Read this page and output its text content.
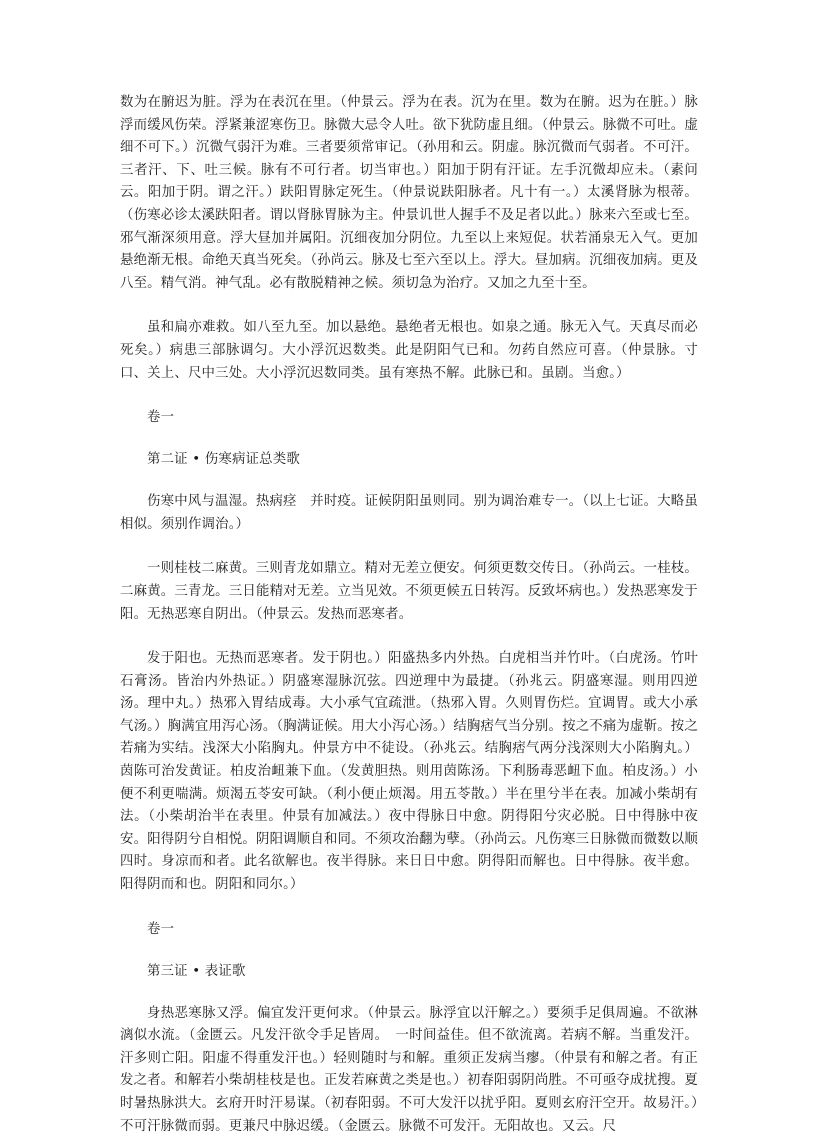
数为在腑迟为脏。浮为在表沉在里。（仲景云。浮为在表。沉为在里。数为在腑。迟为在脏。）脉浮而缓风伤荣。浮紧兼涩寒伤卫。脉微大忌令人吐。欲下犹防虚且细。（仲景云。脉微不可吐。虚细不可下。）沉微气弱汗为难。三者要须常审记。（孙用和云。阴虚。脉沉微而气弱者。不可汗。三者汗、下、吐三候。脉有不可行者。切当审也。）阳加于阴有汗证。左手沉微却应未。（素问云。阳加于阴。谓之汗。）趺阳胃脉定死生。（仲景说趺阳脉者。凡十有一。）太溪肾脉为根蒂。（伤寒必诊太溪趺阳者。谓以肾脉胃脉为主。仲景讥世人握手不及足者以此。）脉来六至或七至。邪气渐深须用意。浮大昼加并属阳。沉细夜加分阴位。九至以上来短促。状若涌泉无入气。更加悬绝渐无根。命绝天真当死矣。（孙尚云。脉及七至六至以上。浮大。昼加病。沉细夜加病。更及八至。精气消。神气乱。必有散脱精神之候。须切急为治疗。又加之九至十至。

虽和扁亦难救。如八至九至。加以悬绝。悬绝者无根也。如泉之通。脉无入气。天真尽而必死矣。）病患三部脉调匀。大小浮沉迟数类。此是阴阳气已和。勿药自然应可喜。（仲景脉。寸口、关上、尺中三处。大小浮沉迟数同类。虽有寒热不解。此脉已和。虽剧。当愈。）

卷一

第二证 • 伤寒病证总类歌

伤寒中风与温湿。热病痉　并时疫。证候阴阳虽则同。别为调治难专一。（以上七证。大略虽相似。须别作调治。）

一则桂枝二麻黄。三则青龙如鼎立。精对无差立便安。何须更数交传日。（孙尚云。一桂枝。二麻黄。三青龙。三日能精对无差。立当见效。不须更候五日转泻。反致坏病也。）发热恶寒发于阳。无热恶寒自阴出。（仲景云。发热而恶寒者。

发于阳也。无热而恶寒者。发于阴也。）阳盛热多内外热。白虎相当并竹叶。（白虎汤。竹叶石膏汤。皆治内外热证。）阴盛寒湿脉沉弦。四逆理中为最捷。（孙兆云。阴盛寒湿。则用四逆汤。理中丸。）热邪入胃结成毒。大小承气宜疏泄。（热邪入胃。久则胃伤烂。宜调胃。或大小承气汤。）胸满宜用泻心汤。（胸满证候。用大小泻心汤。）结胸痞气当分别。按之不痛为虚靳。按之若痛为实结。浅深大小陷胸丸。仲景方中不徒设。（孙兆云。结胸痞气两分浅深则大小陷胸丸。）茵陈可治发黄证。柏皮治衄兼下血。（发黄胆热。则用茵陈汤。下利肠毒恶衄下血。柏皮汤。）小便不利更喘满。烦渴五苓安可缺。（利小便止烦渴。用五苓散。）半在里兮半在表。加减小柴胡有法。（小柴胡治半在表里。仲景有加减法。）夜中得脉日中愈。阴得阳兮灾必脱。日中得脉中夜安。阳得阴兮自相悦。阴阳调顺自和同。不须攻治翻为孽。（孙尚云。凡伤寒三日脉微而微数以顺四时。身凉而和者。此名欲解也。夜半得脉。来日日中愈。阴得阳而解也。日中得脉。夜半愈。阳得阴而和也。阴阳和同尔。）

卷一

第三证 • 表证歌

身热恶寒脉又浮。偏宜发汗更何求。（仲景云。脉浮宜以汗解之。）要须手足俱周遍。不欲淋漓似水流。（金匮云。凡发汗欲令手足皆周。　一时间益佳。但不欲流离。若病不解。当重发汗。汗多则亡阳。阳虚不得重发汗也。）轻则随时与和解。重须正发病当瘳。（仲景有和解之者。有正发之者。和解若小柴胡桂枝是也。正发若麻黄之类是也。）初春阳弱阴尚胜。不可亟夺成扰搜。夏时暑热脉洪大。玄府开时汗易谋。（初春阳弱。不可大发汗以扰乎阳。夏则玄府汗空开。故易汗。）不可汗脉微而弱。更兼尺中脉迟缓。（金匮云。脉微不可发汗。无阳故也。又云。尺
